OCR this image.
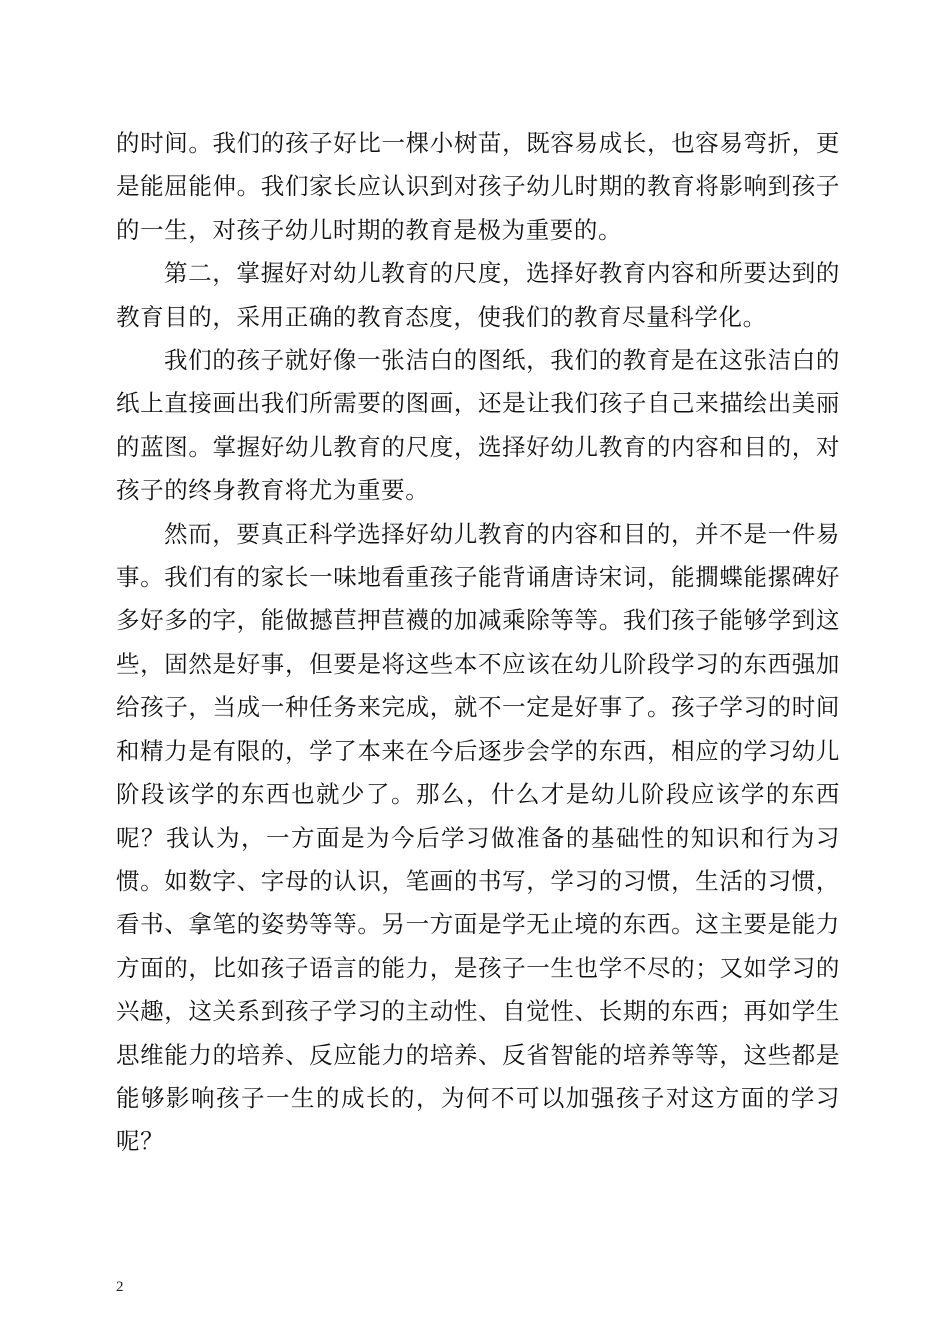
的时间。我们的孩子好比一棵小树苗，既容易成长，也容易弯折，更是能屈能伸。我们家长应认识到对孩子幼儿时期的教育将影响到孩子的一生，对孩子幼儿时期的教育是极为重要的。

第二，掌握好对幼儿教育的尺度，选择好教育内容和所要达到的教育目的，采用正确的教育态度，使我们的教育尽量科学化。

我们的孩子就好像一张洁白的图纸，我们的教育是在这张洁白的纸上直接画出我们所需要的图画，还是让我们孩子自己来描绘出美丽的蓝图。掌握好幼儿教育的尺度，选择好幼儿教育的内容和目的，对孩子的终身教育将尤为重要。

然而，要真正科学选择好幼儿教育的内容和目的，并不是一件易事。我们有的家长一味地看重孩子能背诵唐诗宋词，能撊蝶能摞碑好多好多的字，能做撼苣押苣襪的加减乘除等等。我们孩子能够学到这些，固然是好事，但要是将这些本不应该在幼儿阶段学习的东西强加给孩子，当成一种任务来完成，就不一定是好事了。孩子学习的时间和精力是有限的，学了本来在今后逐步会学的东西，相应的学习幼儿阶段该学的东西也就少了。那么，什么才是幼儿阶段应该学的东西呢？我认为，一方面是为今后学习做准备的基础性的知识和行为习惯。如数字、字母的认识，笔画的书写，学习的习惯，生活的习惯，看书、拿笔的姿势等等。另一方面是学无止境的东西。这主要是能力方面的，比如孩子语言的能力，是孩子一生也学不尽的；又如学习的兴趣，这关系到孩子学习的主动性、自觉性、长期的东西；再如学生思维能力的培养、反应能力的培养、反省智能的培养等等，这些都是能够影响孩子一生的成长的，为何不可以加强孩子对这方面的学习呢？

2
